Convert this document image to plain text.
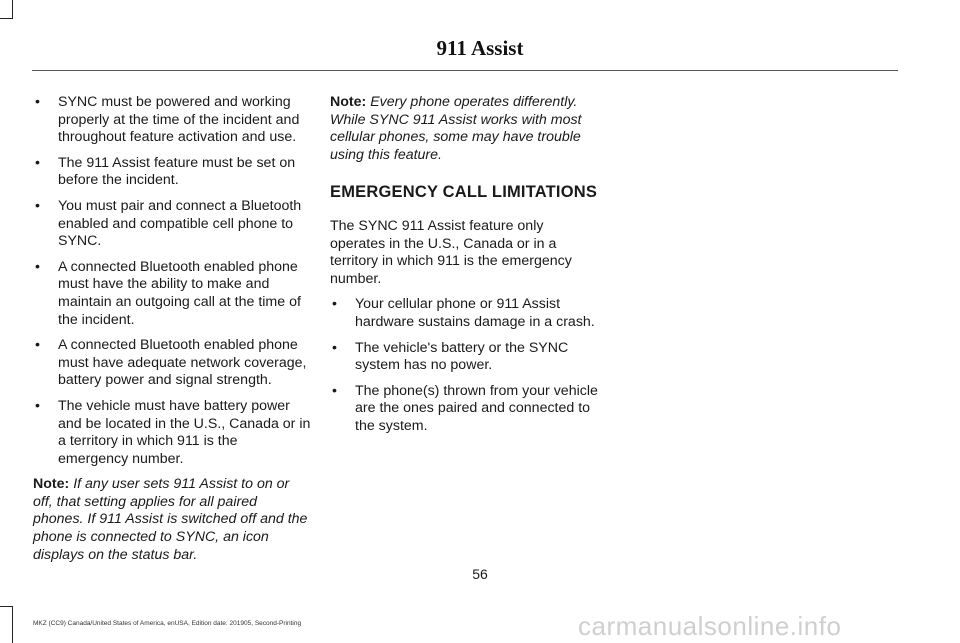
911 Assist
• SYNC must be powered and working properly at the time of the incident and throughout feature activation and use.
• The 911 Assist feature must be set on before the incident.
• You must pair and connect a Bluetooth enabled and compatible cell phone to SYNC.
• A connected Bluetooth enabled phone must have the ability to make and maintain an outgoing call at the time of the incident.
• A connected Bluetooth enabled phone must have adequate network coverage, battery power and signal strength.
• The vehicle must have battery power and be located in the U.S., Canada or in a territory in which 911 is the emergency number.

Note: If any user sets 911 Assist to on or off, that setting applies for all paired phones. If 911 Assist is switched off and the phone is connected to SYNC, an icon displays on the status bar.

Note: Every phone operates differently. While SYNC 911 Assist works with most cellular phones, some may have trouble using this feature.

EMERGENCY CALL LIMITATIONS

The SYNC 911 Assist feature only operates in the U.S., Canada or in a territory in which 911 is the emergency number.

• Your cellular phone or 911 Assist hardware sustains damage in a crash.
• The vehicle's battery or the SYNC system has no power.
• The phone(s) thrown from your vehicle are the ones paired and connected to the system.
56
MKZ (CC9) Canada/United States of America, enUSA, Edition date: 201905, Second-Printing	carmanualsonline.info
